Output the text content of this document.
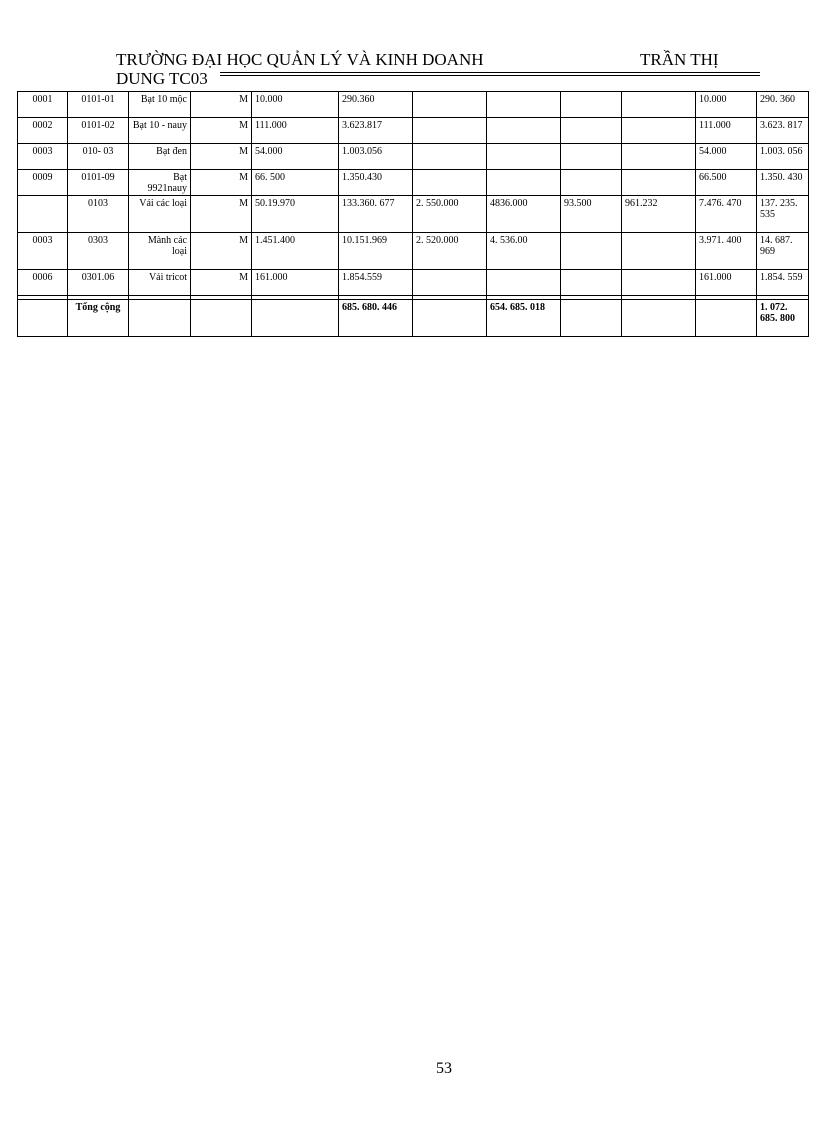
TRƯỜNG ĐẠI HỌC QUẢN LÝ VÀ KINH DOANH	TRẦN THỊ
DUNG TC03
0001	0101-01	Bạt 10 mộc	M	10.000	290.360					10.000	290. 360
0002	0101-02	Bạt 10 - nauy	M	111.000	3.623.817					111.000	3.623. 817
0003	010- 03	Bạt đen	M	54.000	1.003.056					54.000	1.003. 056
0009	0101-09	Bạt 9921nauy	M	66. 500	1.350.430					66.500	1.350. 430
	0103	Vải các loại	M	50.19.970	133.360. 677	2. 550.000	4836.000	93.500	961.232	7.476. 470	137. 235. 535
0003	0303	Mành các loại	M	1.451.400	10.151.969	2. 520.000	4. 536.00			3.971. 400	14. 687. 969
0006	0301.06	Vải tricot	M	161.000	1.854.559					161.000	1.854. 559

	Tổng cộng				685. 680. 446		654. 685. 018				1. 072. 685. 800
53
